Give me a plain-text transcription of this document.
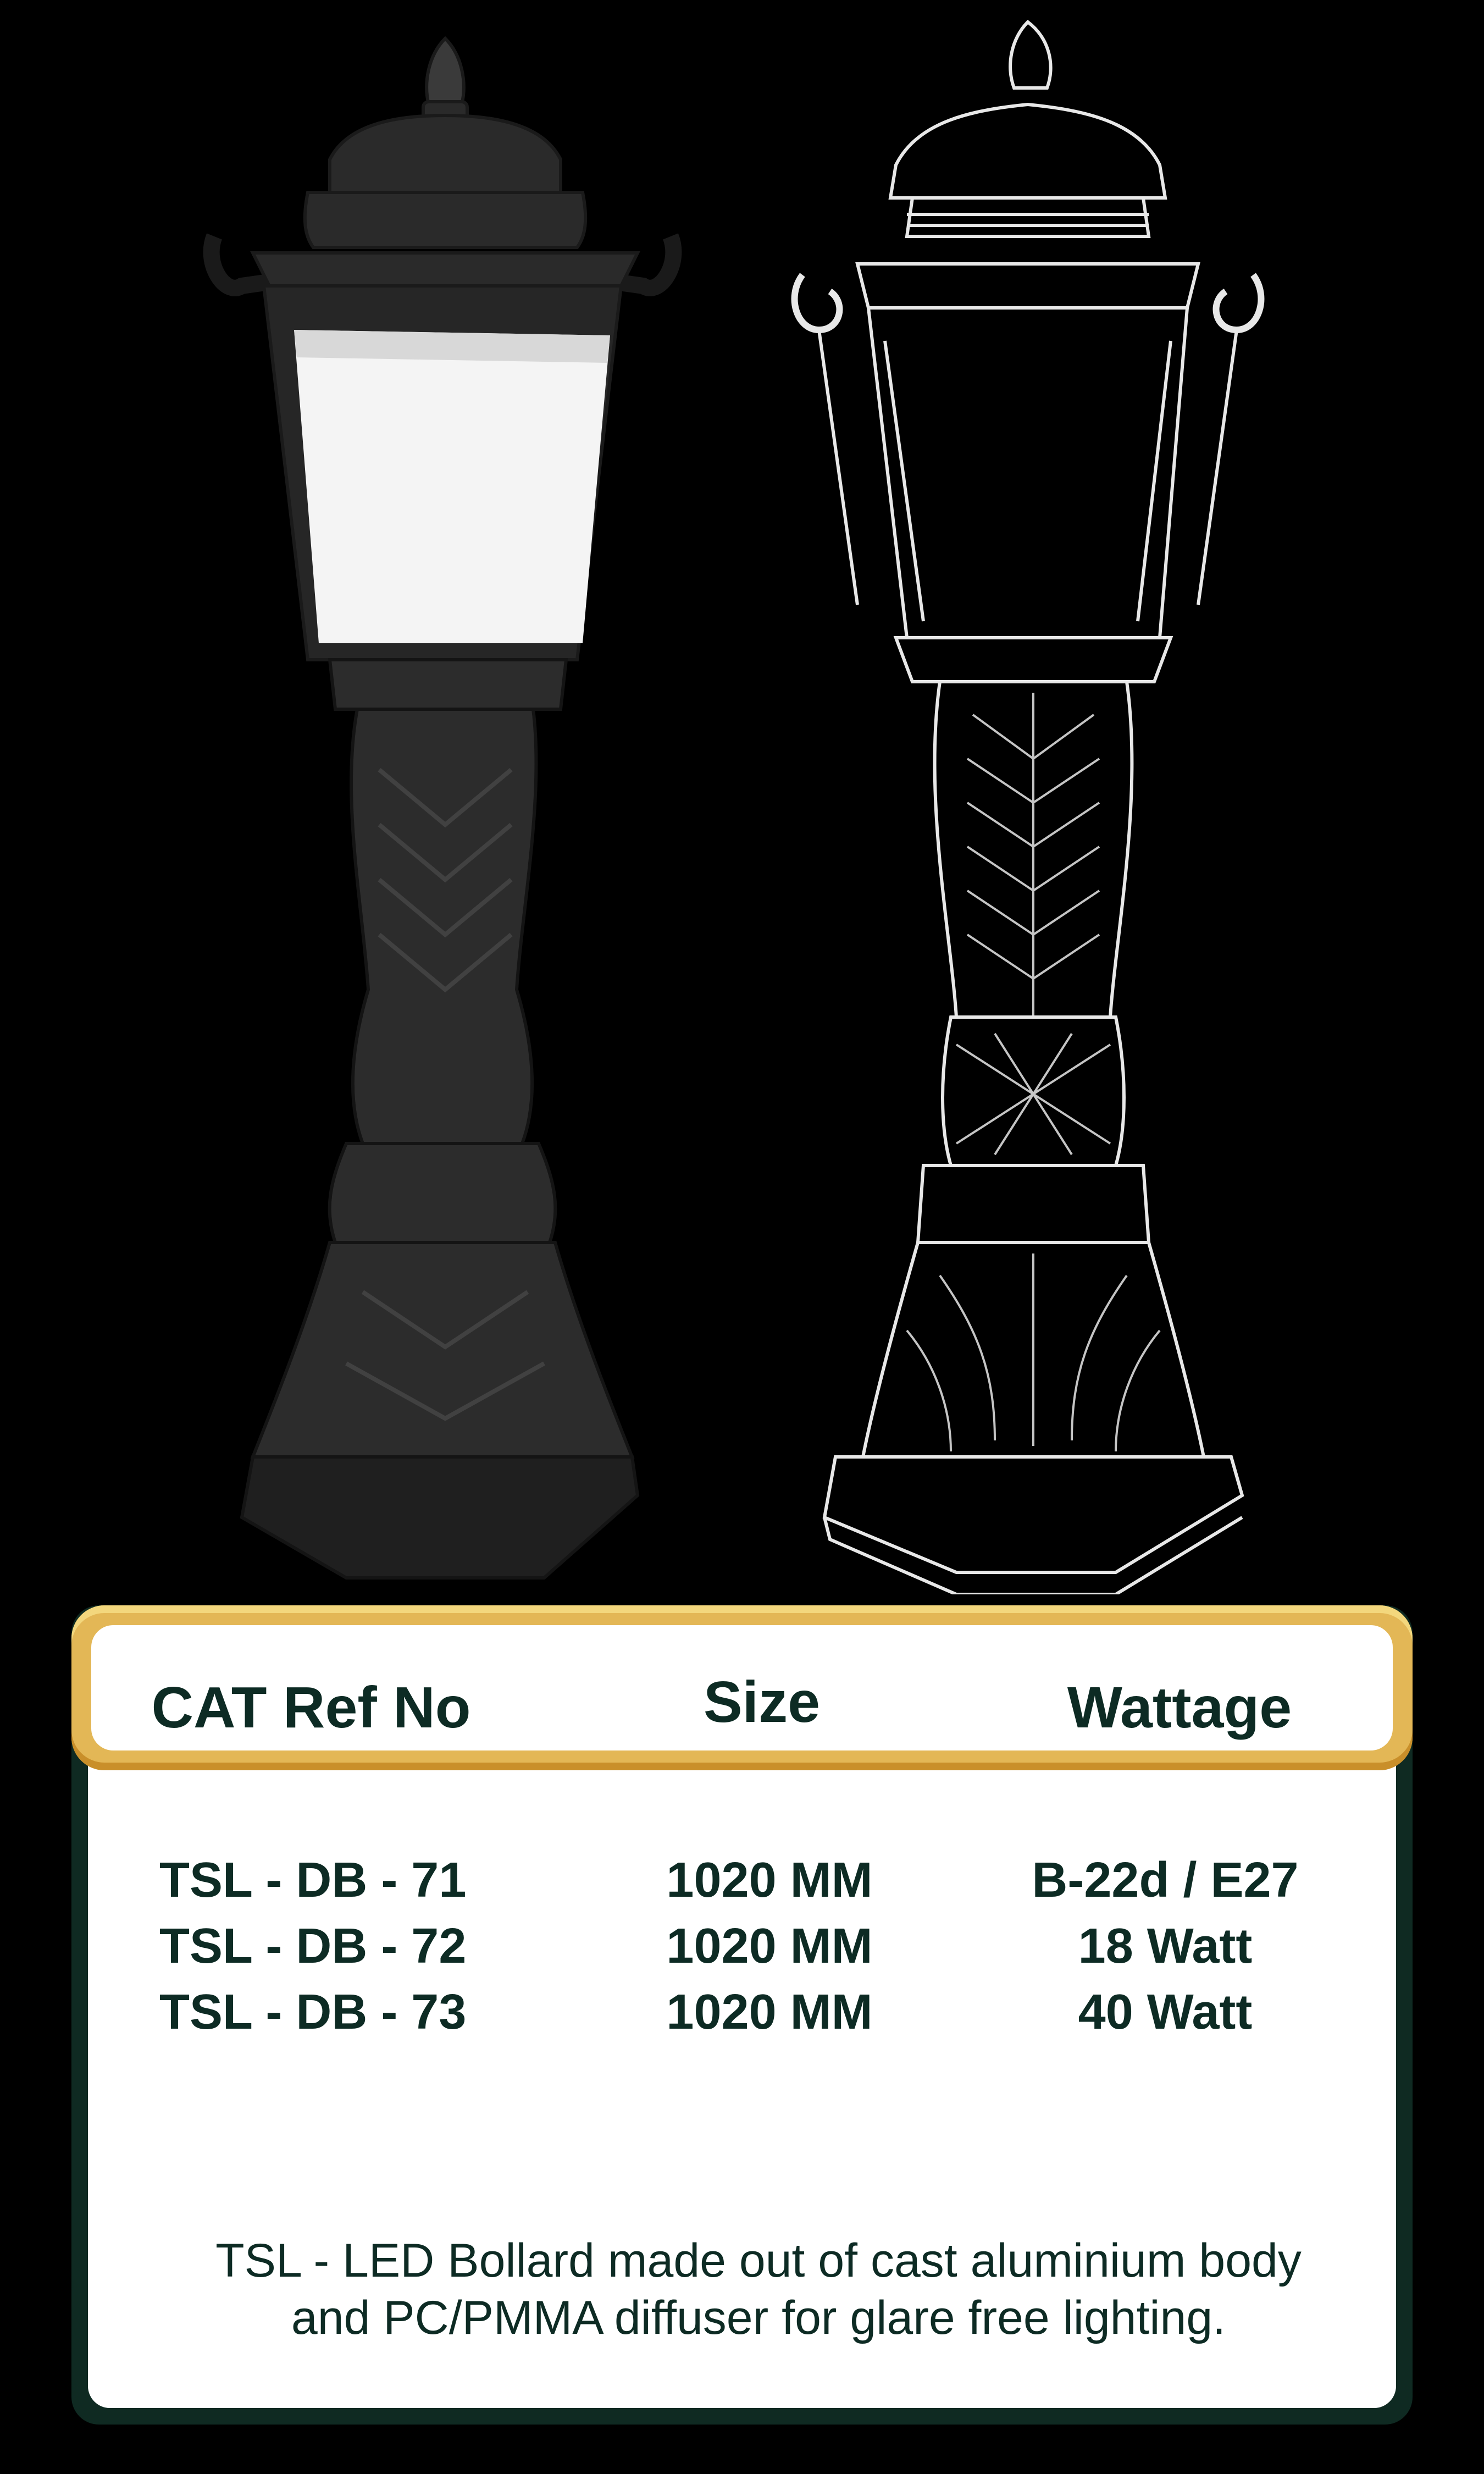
TSL - DB - 71	1020 MM	B-22d / E27
TSL - DB - 72	1020 MM	18 Watt
TSL - DB - 73	1020 MM	40 Watt
TSL - LED Bollard made out of cast aluminium body
and PC/PMMA diffuser for glare free lighting.
CAT Ref No	Size	Wattage
